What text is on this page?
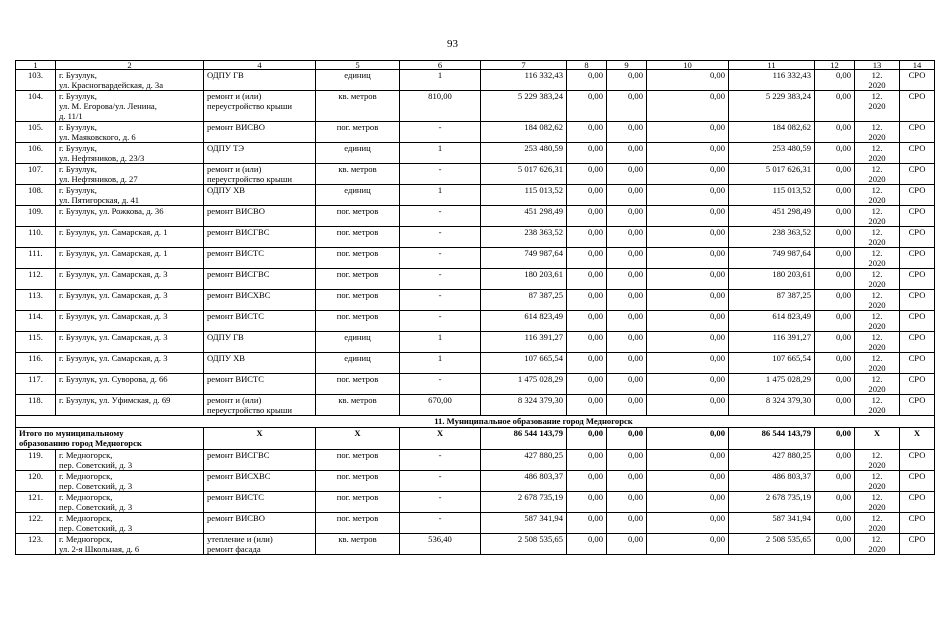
93
1	2	4	5	6	7	8	9	10	11	12	13	14
103.	г. Бузулук,
ул. Красногвардейская, д. 3а	ОДПУ ГВ	единиц	1	116 332,43	0,00	0,00	0,00	116 332,43	0,00	12.
2020	СРО
104.	г. Бузулук,
ул. М. Егорова/ул. Ленина,
д. 11/1	ремонт и (или)
переустройство крыши	кв. метров	810,00	5 229 383,24	0,00	0,00	0,00	5 229 383,24	0,00	12.
2020	СРО
105.	г. Бузулук,
ул. Маяковского, д. 6	ремонт ВИСВО	пог. метров	-	184 082,62	0,00	0,00	0,00	184 082,62	0,00	12.
2020	СРО
106.	г. Бузулук,
ул. Нефтяников, д. 23/3	ОДПУ ТЭ	единиц	1	253 480,59	0,00	0,00	0,00	253 480,59	0,00	12.
2020	СРО
107.	г. Бузулук,
ул. Нефтяников, д. 27	ремонт и (или)
переустройство крыши	кв. метров	-	5 017 626,31	0,00	0,00	0,00	5 017 626,31	0,00	12.
2020	СРО
108.	г. Бузулук,
ул. Пятигорская, д. 41	ОДПУ ХВ	единиц	1	115 013,52	0,00	0,00	0,00	115 013,52	0,00	12.
2020	СРО
109.	г. Бузулук, ул. Рожкова, д. 36	ремонт ВИСВО	пог. метров	-	451 298,49	0,00	0,00	0,00	451 298,49	0,00	12.
2020	СРО
110.	г. Бузулук, ул. Самарская, д. 1	ремонт ВИСГВС	пог. метров	-	238 363,52	0,00	0,00	0,00	238 363,52	0,00	12.
2020	СРО
111.	г. Бузулук, ул. Самарская, д. 1	ремонт ВИСТС	пог. метров	-	749 987,64	0,00	0,00	0,00	749 987,64	0,00	12.
2020	СРО
112.	г. Бузулук, ул. Самарская, д. 3	ремонт ВИСГВС	пог. метров	-	180 203,61	0,00	0,00	0,00	180 203,61	0,00	12.
2020	СРО
113.	г. Бузулук, ул. Самарская, д. 3	ремонт ВИСХВС	пог. метров	-	87 387,25	0,00	0,00	0,00	87 387,25	0,00	12.
2020	СРО
114.	г. Бузулук, ул. Самарская, д. 3	ремонт ВИСТС	пог. метров	-	614 823,49	0,00	0,00	0,00	614 823,49	0,00	12.
2020	СРО
115.	г. Бузулук, ул. Самарская, д. 3	ОДПУ ГВ	единиц	1	116 391,27	0,00	0,00	0,00	116 391,27	0,00	12.
2020	СРО
116.	г. Бузулук, ул. Самарская, д. 3	ОДПУ ХВ	единиц	1	107 665,54	0,00	0,00	0,00	107 665,54	0,00	12.
2020	СРО
117.	г. Бузулук, ул. Суворова, д. 66	ремонт ВИСТС	пог. метров	-	1 475 028,29	0,00	0,00	0,00	1 475 028,29	0,00	12.
2020	СРО
118.	г. Бузулук, ул. Уфимская, д. 69	ремонт и (или)
переустройство крыши	кв. метров	670,00	8 324 379,30	0,00	0,00	0,00	8 324 379,30	0,00	12.
2020	СРО
11. Муниципальное образование город Медногорск												
Итого по муниципальному
образованию город Медногорск		X	X	X	86 544 143,79	0,00	0,00	0,00	86 544 143,79	0,00	X	X
119.	г. Медногорск,
пер. Советский, д. 3	ремонт ВИСГВС	пог. метров	-	427 880,25	0,00	0,00	0,00	427 880,25	0,00	12.
2020	СРО
120.	г. Медногорск,
пер. Советский, д. 3	ремонт ВИСХВС	пог. метров	-	486 803,37	0,00	0,00	0,00	486 803,37	0,00	12.
2020	СРО
121.	г. Медногорск,
пер. Советский, д. 3	ремонт ВИСТС	пог. метров	-	2 678 735,19	0,00	0,00	0,00	2 678 735,19	0,00	12.
2020	СРО
122.	г. Медногорск,
пер. Советский, д. 3	ремонт ВИСВО	пог. метров	-	587 341,94	0,00	0,00	0,00	587 341,94	0,00	12.
2020	СРО
123.	г. Медногорск,
ул. 2-я Школьная, д. 6	утепление и (или)
ремонт фасада	кв. метров	536,40	2 508 535,65	0,00	0,00	0,00	2 508 535,65	0,00	12.
2020	СРО
